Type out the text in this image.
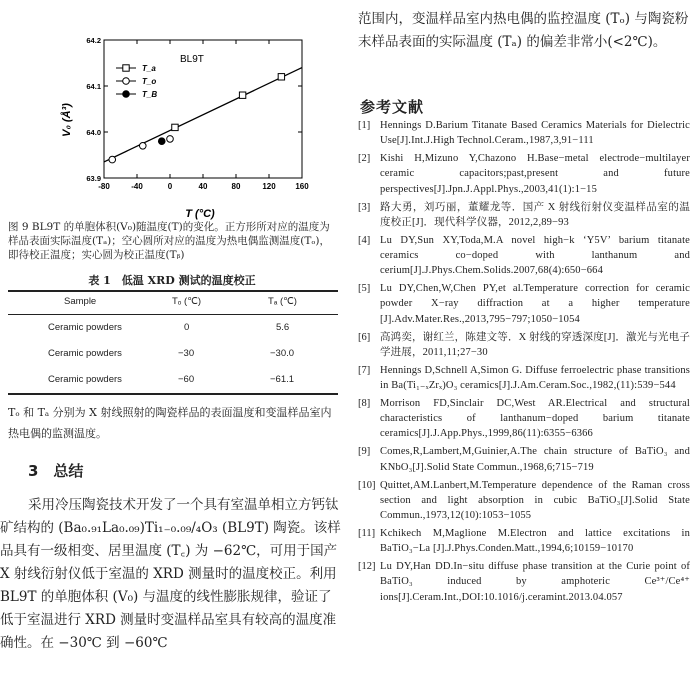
-80	-40	0	40	80	120 160
63.9
64.0
64.1
64.2
T_a
T_o
T_B
BL9T
V₀ (Å³)
T (°C)
图 9 BL9T 的单胞体积(V₀)随温度(T)的变化。正方形所对应的温度为样品表面实际温度(Tₐ)；空心圆所对应的温度为热电偶监测温度(Tₒ)，即待校正温度；实心圆为校正温度(Tᵦ)
表 1　低温 XRD 测试的温度校正
Sample	Tₒ (℃)	Tₐ (℃)
Ceramic powders	0	5.6
Ceramic powders	−30	−30.0
Ceramic powders	−60	−61.1
Tₒ 和 Tₐ 分别为 X 射线照射的陶瓷样品的表面温度和变温样品室内热电偶的监测温度。
3　总结

采用冷压陶瓷技术开发了一个具有室温单相立方钙钛矿结构的 (Ba₀.₉₁La₀.₀₉)Ti₁₋₀.₀₉/₄O₃ (BL9T) 陶瓷。该样品具有一级相变、居里温度 (T꜀) 为 −62℃，可用于国产 X 射线衍射仪低于室温的 XRD 测量时的温度校正。利用 BL9T 的单胞体积 (V₀) 与温度的线性膨胀规律，验证了低于室温进行 XRD 测量时变温样品室具有较高的温度准确性。在 −30℃ 到 −60℃

范围内，变温样品室内热电偶的监控温度 (Tₒ) 与陶瓷粉末样品表面的实际温度 (Tₐ) 的偏差非常小(<2℃)。
参考文献
[1] Hennings D.Barium Titanate Based Ceramics Materials for Dielectric Use[J].Int.J.High Technol.Ceram.,1987,3,91−111
[2] Kishi H,Mizuno Y,Chazono H.Base−metal electrode−multilayer ceramic capacitors;past,present and future perspectives[J].Jpn.J.Appl.Phys.,2003,41(1):1−15
[3] 路大勇，刘巧丽，董耀龙等．国产 X 射线衍射仪变温样品室的温度校正[J]．现代科学仪器，2012,2,89−93
[4] Lu DY,Sun XY,Toda,M.A novel high−k ‘Y5V’ barium titanate ceramics co−doped with lanthanum and cerium[J].J.Phys.Chem.Solids.2007,68(4):650−664
[5] Lu DY,Chen,W,Chen PY,et al.Temperature correction for ceramic powder X−ray diffraction at a higher temperature [J].Adv.Mater.Res.,2013,795−797;1050−1054
[6] 高鸿奕，谢红兰，陈建文等．X 射线的穿透深度[J]．激光与光电子学进展，2011,11;27−30
[7] Hennings D,Schnell A,Simon G. Diffuse ferroelectric phase transitions in Ba(Ti₁₋ₓZrₓ)O₃ ceramics[J].J.Am.Ceram.Soc.,1982,(11):539−544
[8] Morrison FD,Sinclair DC,West AR.Electrical and structural characteristics of lanthanum−doped barium titanate ceramics[J].J.App.Phys.,1999,86(11):6355−6366
[9] Comes,R,Lambert,M,Guinier,A.The chain structure of BaTiO₃ and KNbO₃[J].Solid State Commun.,1968,6;715−719
[10] Quittet,AM.Lanbert,M.Temperature dependence of the Raman cross section and light absorption in cubic BaTiO₃[J].Solid State Commun.,1973,12(10):1053−1055
[11] Kchikech M,Maglione M.Electron and lattice excitations in BaTiO₃−La [J].J.Phys.Conden.Matt.,1994,6;10159−10170
[12] Lu DY,Han DD.In−situ diffuse phase transition at the Curie point of BaTiO₃ induced by amphoteric Ce³⁺/Ce⁴⁺ ions[J].Ceram.Int.,DOI:10.1016/j.ceramint.2013.04.057
